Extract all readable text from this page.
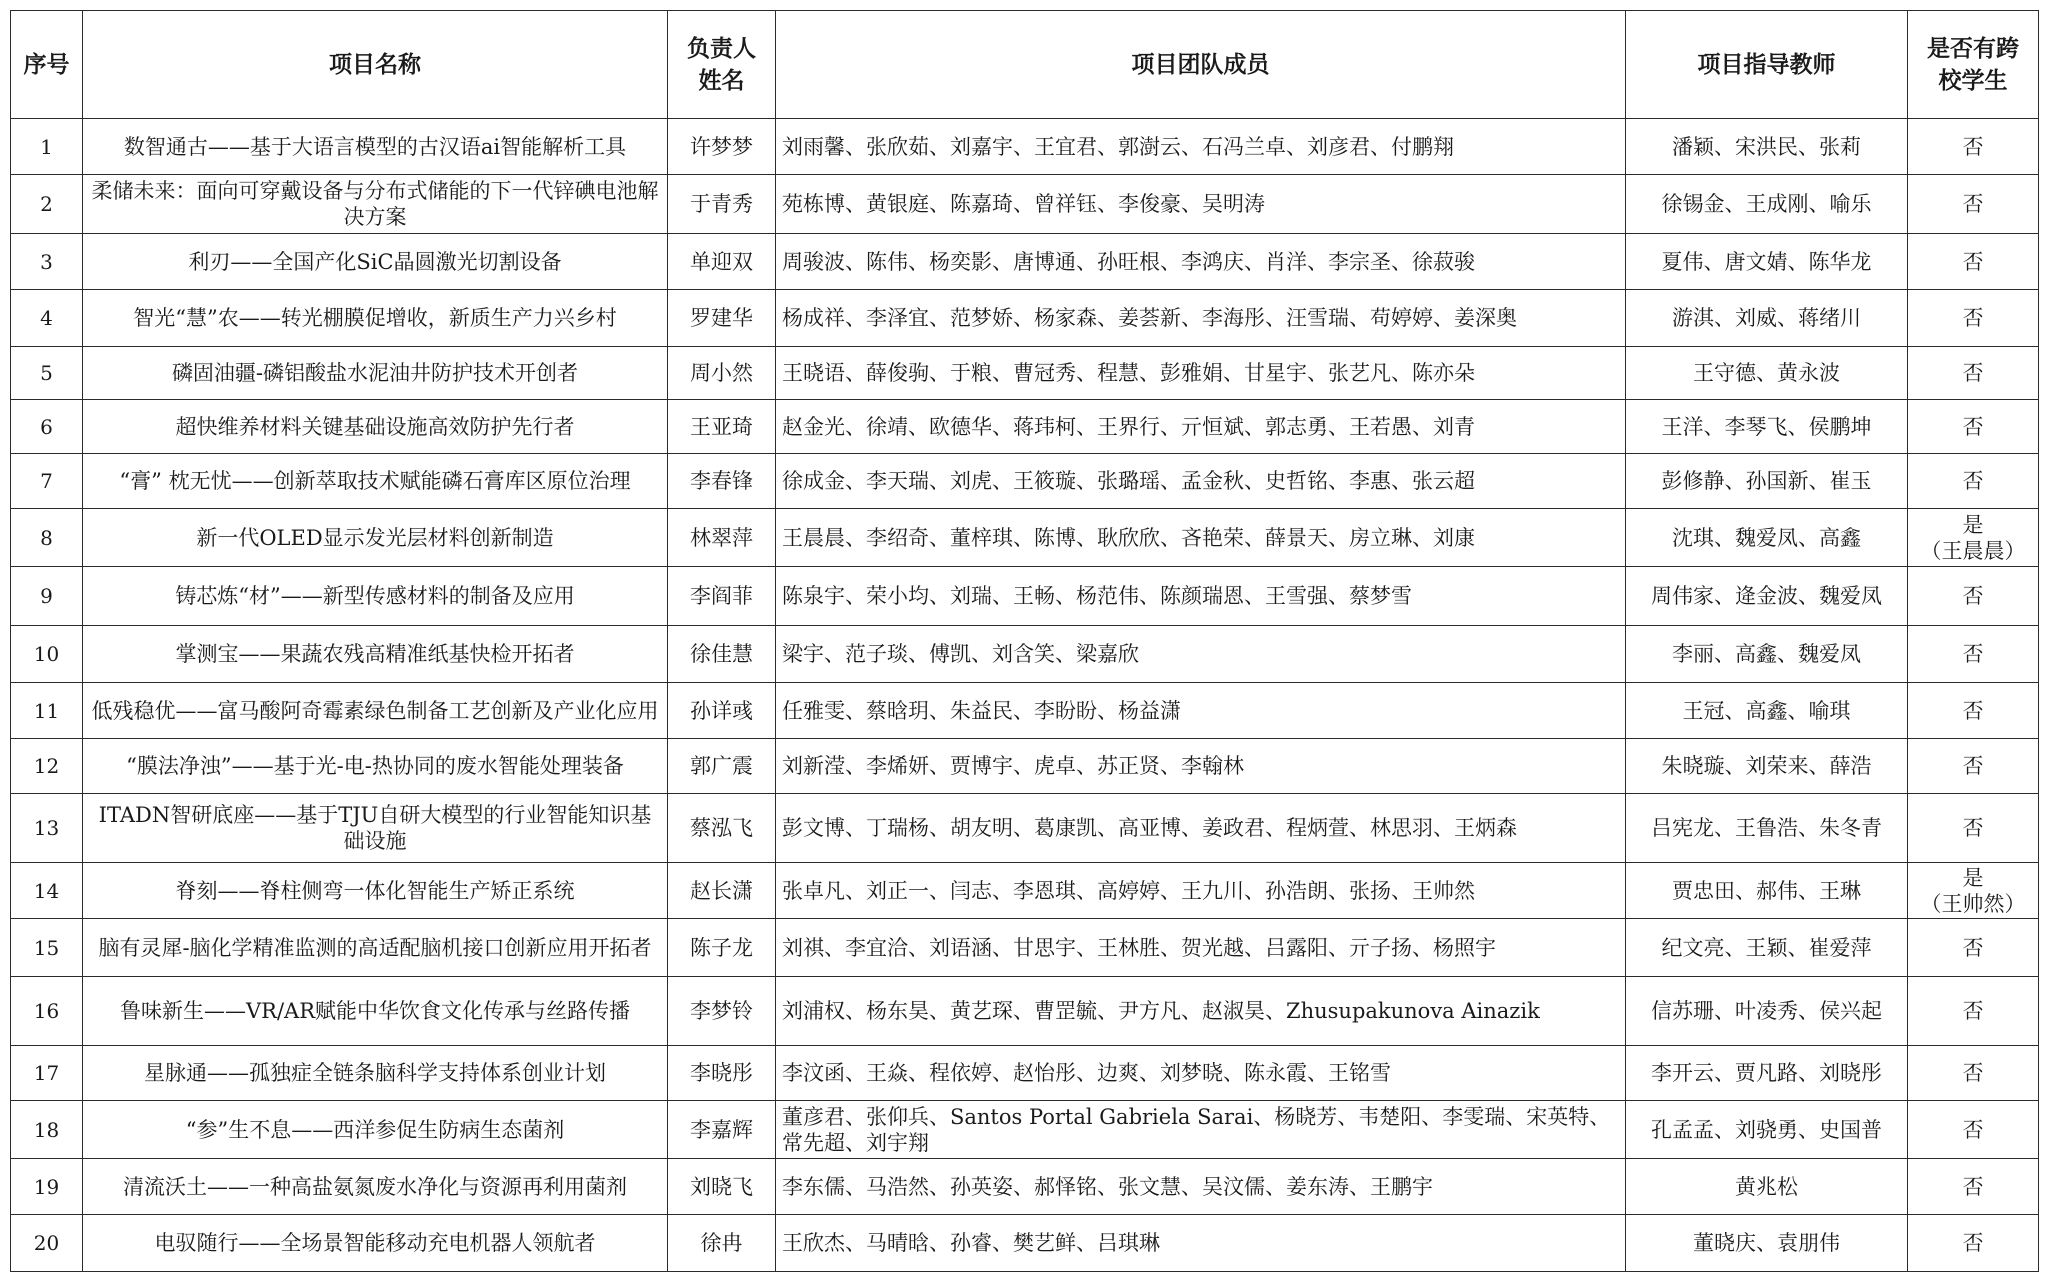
序号	项目名称	负责人姓名	项目团队成员	项目指导教师	是否有跨校学生
1	数智通古——基于大语言模型的古汉语ai智能解析工具	许梦梦	刘雨馨、张欣茹、刘嘉宇、王宜君、郭澍云、石冯兰卓、刘彦君、付鹏翔	潘颖、宋洪民、张莉	否

2	柔储未来：面向可穿戴设备与分布式储能的下一代锌碘电池解决方案	于青秀	苑栋博、黄银庭、陈嘉琦、曾祥钰、李俊豪、吴明涛	徐锡金、王成刚、喻乐	否

3	利刃——全国产化SiC晶圆激光切割设备	单迎双	周骏波、陈伟、杨奕影、唐博通、孙旺根、李鸿庆、肖洋、李宗圣、徐菽骏	夏伟、唐文婧、陈华龙	否

4	智光“慧”农——转光棚膜促增收，新质生产力兴乡村	罗建华	杨成祥、李泽宜、范梦娇、杨家森、姜荟新、李海彤、汪雪瑞、苟婷婷、姜深奥	游淇、刘威、蒋绪川	否

5	磷固油疆-磷铝酸盐水泥油井防护技术开创者	周小然	王晓语、薛俊驹、于粮、曹冠秀、程慧、彭雅娟、甘星宇、张艺凡、陈亦朵	王守德、黄永波	否

6	超快维养材料关键基础设施高效防护先行者	王亚琦	赵金光、徐靖、欧德华、蒋玮柯、王界行、亓恒斌、郭志勇、王若愚、刘青	王洋、李琴飞、侯鹏坤	否

7	“膏” 枕无忧——创新萃取技术赋能磷石膏库区原位治理	李春锋	徐成金、李天瑞、刘虎、王筱璇、张璐瑶、孟金秋、史哲铭、李惠、张云超	彭修静、孙国新、崔玉	否

8	新一代OLED显示发光层材料创新制造	林翠萍	王晨晨、李绍奇、董梓琪、陈博、耿欣欣、吝艳荣、薛景天、房立琳、刘康	沈琪、魏爱凤、高鑫	是
（王晨晨）

9	铸芯炼“材”——新型传感材料的制备及应用	李阎菲	陈泉宇、荣小均、刘瑞、王畅、杨范伟、陈颜瑞恩、王雪强、蔡梦雪	周伟家、逄金波、魏爱凤	否

10	掌测宝——果蔬农残高精准纸基快检开拓者	徐佳慧	梁宇、范子琰、傅凯、刘含笑、梁嘉欣	李丽、高鑫、魏爱凤	否

11	低残稳优——富马酸阿奇霉素绿色制备工艺创新及产业化应用	孙详彧	任雅雯、蔡晗玥、朱益民、李盼盼、杨益潇	王冠、高鑫、喻琪	否

12	“膜法净浊”——基于光-电-热协同的废水智能处理装备	郭广震	刘新滢、李烯妍、贾博宇、虎卓、苏正贤、李翰林	朱晓璇、刘荣来、薛浩	否

13	ITADN智研底座——基于TJU自研大模型的行业智能知识基础设施	蔡泓飞	彭文博、丁瑞杨、胡友明、葛康凯、高亚博、姜政君、程炳萱、林思羽、王炳森	吕宪龙、王鲁浩、朱冬青	否

14	脊刻——脊柱侧弯一体化智能生产矫正系统	赵长潇	张卓凡、刘正一、闫志、李恩琪、高婷婷、王九川、孙浩朗、张扬、王帅然	贾忠田、郝伟、王琳	是
（王帅然）

15	脑有灵犀-脑化学精准监测的高适配脑机接口创新应用开拓者	陈子龙	刘祺、李宜洽、刘语涵、甘思宇、王林胜、贺光越、吕露阳、亓子扬、杨照宇	纪文亮、王颖、崔爱萍	否

16	鲁味新生——VR/AR赋能中华饮食文化传承与丝路传播	李梦铃	刘浦权、杨东昊、黄艺琛、曹罡毓、尹方凡、赵淑昊、Zhusupakunova Ainazik	信苏珊、叶凌秀、侯兴起	否

17	星脉通——孤独症全链条脑科学支持体系创业计划	李晓彤	李汶函、王焱、程依婷、赵怡彤、边爽、刘梦晓、陈永霞、王铭雪	李开云、贾凡路、刘晓彤	否

18	“参”生不息——西洋参促生防病生态菌剂	李嘉辉	董彦君、张仰兵、Santos Portal Gabriela Sarai、杨晓芳、韦楚阳、李雯瑞、宋英特、常先超、刘宇翔	孔孟孟、刘骁勇、史国普	否

19	清流沃土——一种高盐氨氮废水净化与资源再利用菌剂	刘晓飞	李东儒、马浩然、孙英姿、郝怿铭、张文慧、吴汶儒、姜东涛、王鹏宇	黄兆松	否

20	电驭随行——全场景智能移动充电机器人领航者	徐冉	王欣杰、马晴晗、孙睿、樊艺鲜、吕琪琳	董晓庆、袁朋伟	否
